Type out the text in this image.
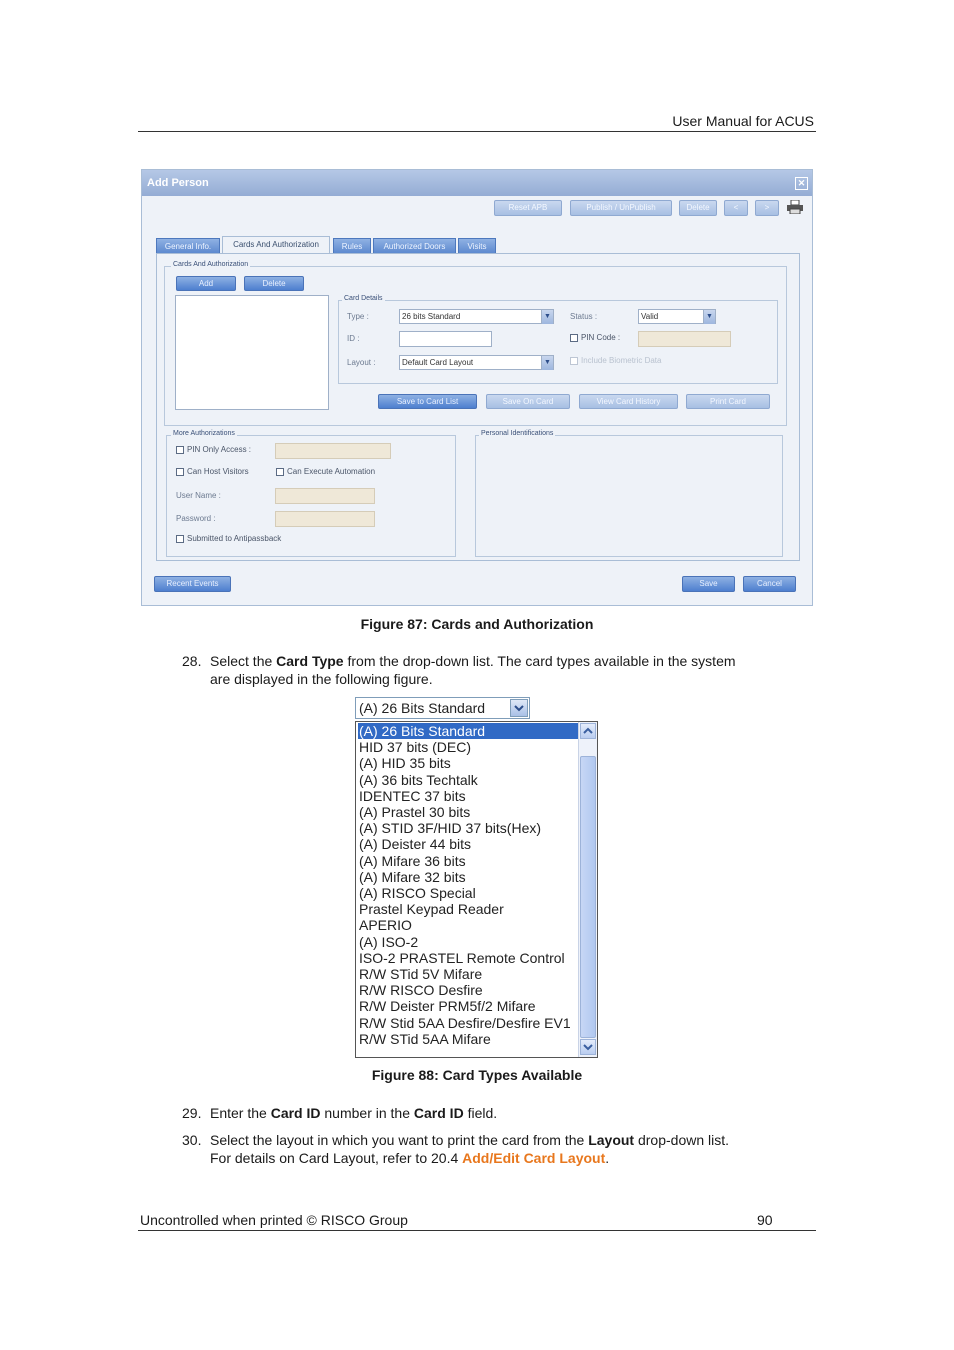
User Manual for ACUS
Add Person	✕
Reset APB	Publish / UnPublish	Delete	<	>
General Info.	Cards And Authorization	Rules	Authorized Doors	Visits
Cards And Authorization
Add	Delete
Card Details
Type :	26 bits Standard	▼ Status :	Valid	▼
ID :	PIN Code :
Layout :	Default Card Layout	▼	Include Biometric Data
Save to Card List	Save On Card	View Card History	Print Card
More Authorizations
PIN Only Access :
Can Host Visitors	Can Execute Automation
User Name :
Password :
Submitted to Antipassback
Personal Identifications
Recent Events	Save	Cancel
Figure 87: Cards and Authorization
28. Select the Card Type from the drop-down list. The card types available in the system
are displayed in the following figure.
(A) 26 Bits Standard
(A) 26 Bits Standard
HID 37 bits (DEC)
(A) HID 35 bits
(A) 36 bits Techtalk
IDENTEC 37 bits
(A) Prastel 30 bits
(A) STID 3F/HID 37 bits(Hex)
(A) Deister 44 bits
(A) Mifare 36 bits
(A) Mifare 32 bits
(A) RISCO Special
Prastel Keypad Reader
APERIO
(A) ISO-2
ISO-2 PRASTEL Remote Control
R/W STid 5V Mifare
R/W RISCO Desfire
R/W Deister PRM5f/2 Mifare
R/W Stid 5AA Desfire/Desfire EV1
R/W STid 5AA Mifare
Figure 88: Card Types Available
29. Enter the Card ID number in the Card ID field.
30. Select the layout in which you want to print the card from the Layout drop-down list.
For details on Card Layout, refer to 20.4 Add/Edit Card Layout.
Uncontrolled when printed © RISCO Group	90
